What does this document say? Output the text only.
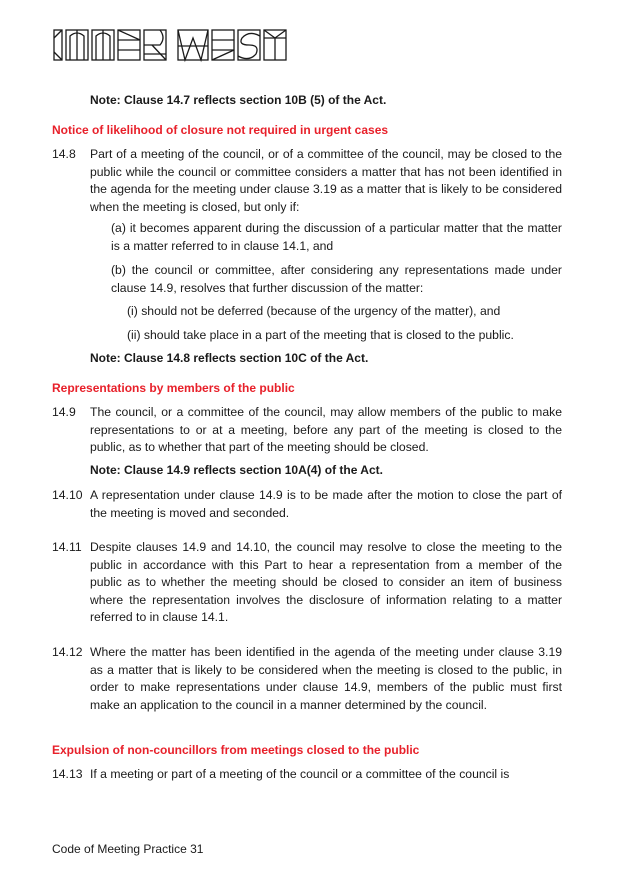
Note: Clause 14.7 reflects section 10B (5) of the Act.
Notice of likelihood of closure not required in urgent cases
14.8 Part of a meeting of the council, or of a committee of the council, may be closed to the public while the council or committee considers a matter that has not been identified in the agenda for the meeting under clause 3.19 as a matter that is likely to be considered when the meeting is closed, but only if:
(a) it becomes apparent during the discussion of a particular matter that the matter is a matter referred to in clause 14.1, and
(b) the council or committee, after considering any representations made under clause 14.9, resolves that further discussion of the matter:
(i) should not be deferred (because of the urgency of the matter), and
(ii) should take place in a part of the meeting that is closed to the public.
Note: Clause 14.8 reflects section 10C of the Act.
Representations by members of the public
14.9 The council, or a committee of the council, may allow members of the public to make representations to or at a meeting, before any part of the meeting is closed to the public, as to whether that part of the meeting should be closed.
Note: Clause 14.9 reflects section 10A(4) of the Act.
14.10 A representation under clause 14.9 is to be made after the motion to close the part of the meeting is moved and seconded.
14.11 Despite clauses 14.9 and 14.10, the council may resolve to close the meeting to the public in accordance with this Part to hear a representation from a member of the public as to whether the meeting should be closed to consider an item of business where the representation involves the disclosure of information relating to a matter referred to in clause 14.1.
14.12 Where the matter has been identified in the agenda of the meeting under clause 3.19 as a matter that is likely to be considered when the meeting is closed to the public, in order to make representations under clause 14.9, members of the public must first make an application to the council in a manner determined by the council.
Expulsion of non-councillors from meetings closed to the public
14.13 If a meeting or part of a meeting of the council or a committee of the council is
Code of Meeting Practice 31
